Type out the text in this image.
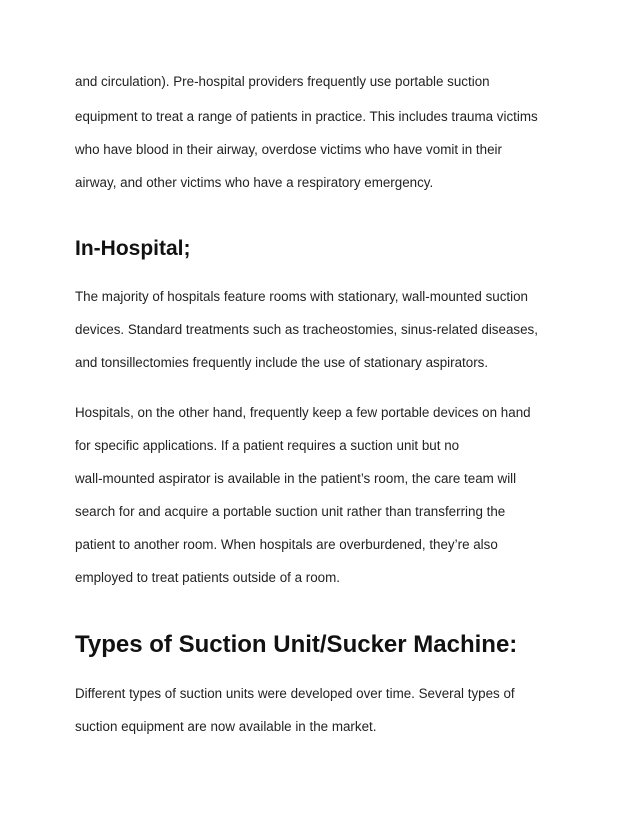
and circulation). Pre-hospital providers frequently use portable suction
equipment to treat a range of patients in practice. This includes trauma victims
who have blood in their airway, overdose victims who have vomit in their
airway, and other victims who have a respiratory emergency.
In-Hospital;
The majority of hospitals feature rooms with stationary, wall-mounted suction
devices. Standard treatments such as tracheostomies, sinus-related diseases,
and tonsillectomies frequently include the use of stationary aspirators.
Hospitals, on the other hand, frequently keep a few portable devices on hand
for specific applications. If a patient requires a suction unit but no
wall-mounted aspirator is available in the patient’s room, the care team will
search for and acquire a portable suction unit rather than transferring the
patient to another room. When hospitals are overburdened, they’re also
employed to treat patients outside of a room.
Types of Suction Unit/Sucker Machine:
Different types of suction units were developed over time. Several types of
suction equipment are now available in the market.
